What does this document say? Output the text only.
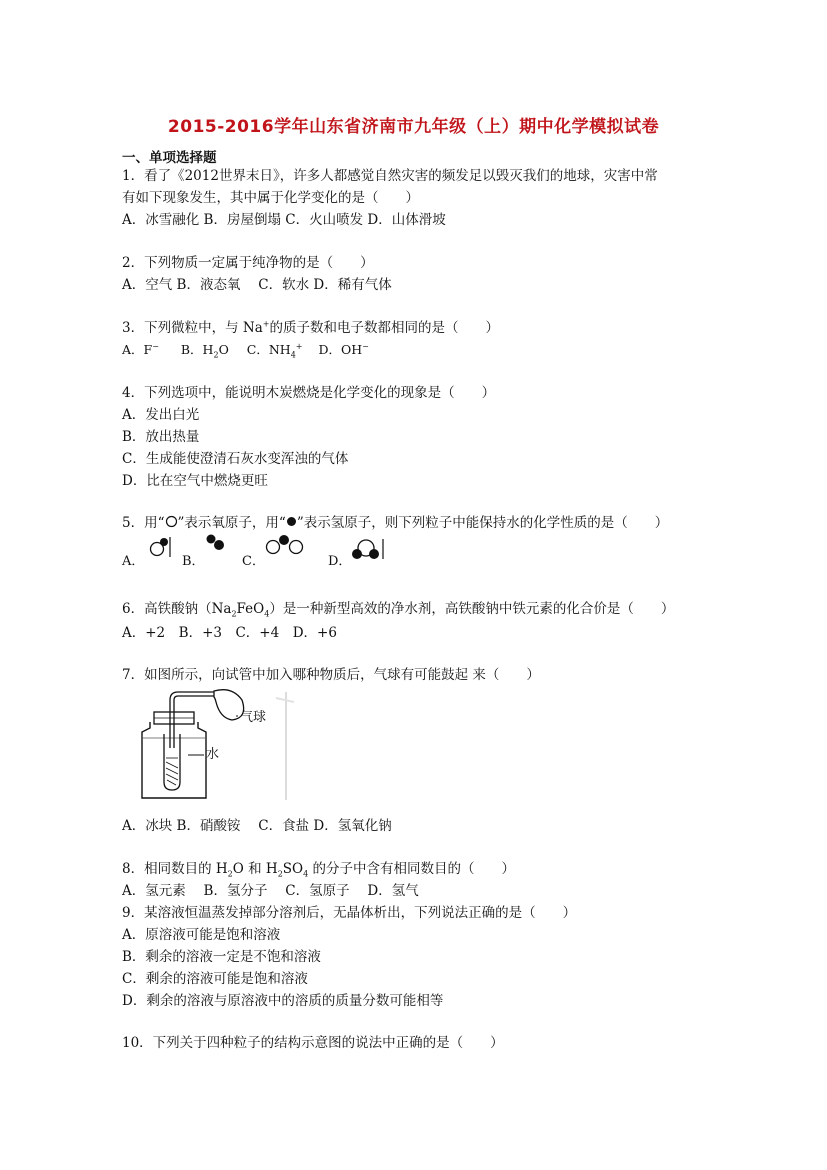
2015-2016学年山东省济南市九年级（上）期中化学模拟试卷
一、单项选择题
1．看了《2012世界末日》，许多人都感觉自然灾害的频发足以毁灭我们的地球，灾害中常
有如下现象发生，其中属于化学变化的是（　　）
A．冰雪融化 B．房屋倒塌 C．火山喷发 D．山体滑坡
2．下列物质一定属于纯净物的是（　　）
A．空气 B．液态氧　 C．软水 D．稀有气体
3．下列微粒中，与 Na+的质子数和电子数都相同的是（　　）
A．F− B．$H_2O$ C．$NH_4^+$ D．OH−
4．下列选项中，能说明木炭燃烧是化学变化的现象是（　　）
A．发出白光
B．放出热量
C．生成能使澄清石灰水变浑浊的气体
D．比在空气中燃烧更旺
5．用“ ”表示氧原子，用“ ”表示氢原子，则下列粒子中能保持水的化学性质的是（　　）
A．	B．	C．	D．
6．高铁酸钠$(Na_2FeO_4)$是一种新型高效的净水剂，高铁酸钠中铁元素的化合价是（　　）
A．+2　B．+3　C．+4　D．+6
7．如图所示，向试管中加入哪种物质后，气球有可能鼓起 来（　　）
气球
水
A．冰块 B．硝酸铵　 C．食盐 D．氢氧化钠
8．相同数目的 $H_2O$ 和 $H_2SO_4$ 的分子中含有相同数目的（　　）
A．氢元素　 B．氢分子　 C．氢原子　 D．氢气
9．某溶液恒温蒸发掉部分溶剂后，无晶体析出，下列说法正确的是（　　）
A．原溶液可能是饱和溶液
B．剩余的溶液一定是不饱和溶液
C．剩余的溶液可能是饱和溶液
D．剩余的溶液与原溶液中的溶质的质量分数可能相等
10．下列关于四种粒子的结构示意图的说法中正确的是（　　）
